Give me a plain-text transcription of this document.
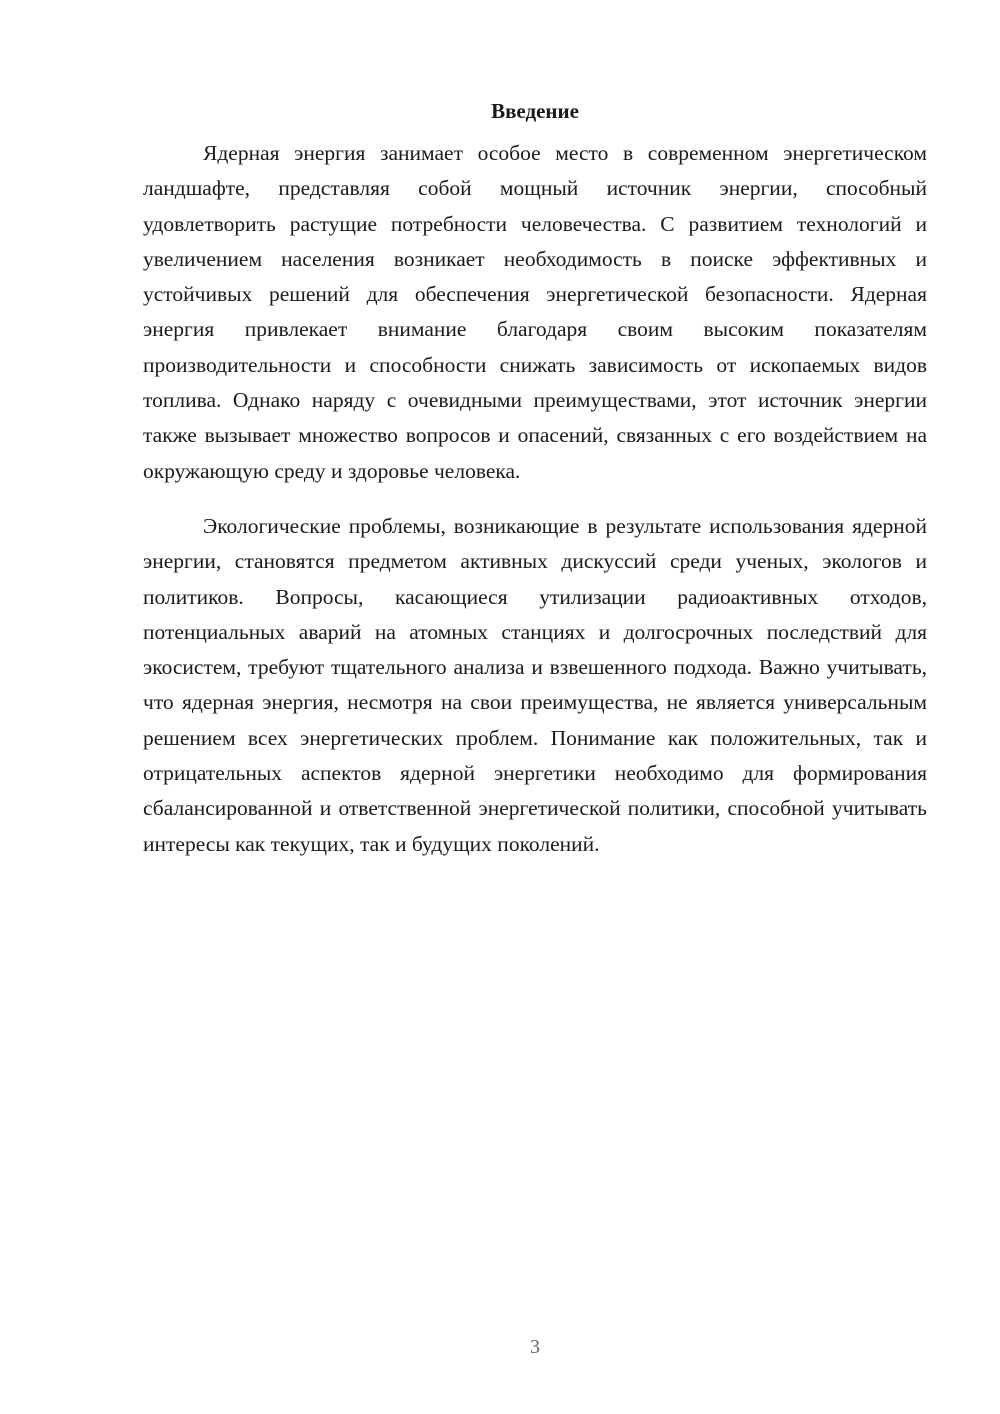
Введение

Ядерная энергия занимает особое место в современном энергетическом ландшафте, представляя собой мощный источник энергии, способный удовлетворить растущие потребности человечества. С развитием технологий и увеличением населения возникает необходимость в поиске эффективных и устойчивых решений для обеспечения энергетической безопасности. Ядерная энергия привлекает внимание благодаря своим высоким показателям производительности и способности снижать зависимость от ископаемых видов топлива. Однако наряду с очевидными преимуществами, этот источник энергии также вызывает множество вопросов и опасений, связанных с его воздействием на окружающую среду и здоровье человека.

Экологические проблемы, возникающие в результате использования ядерной энергии, становятся предметом активных дискуссий среди ученых, экологов и политиков. Вопросы, касающиеся утилизации радиоактивных отходов, потенциальных аварий на атомных станциях и долгосрочных последствий для экосистем, требуют тщательного анализа и взвешенного подхода. Важно учитывать, что ядерная энергия, несмотря на свои преимущества, не является универсальным решением всех энергетических проблем. Понимание как положительных, так и отрицательных аспектов ядерной энергетики необходимо для формирования сбалансированной и ответственной энергетической политики, способной учитывать интересы как текущих, так и будущих поколений.

3
